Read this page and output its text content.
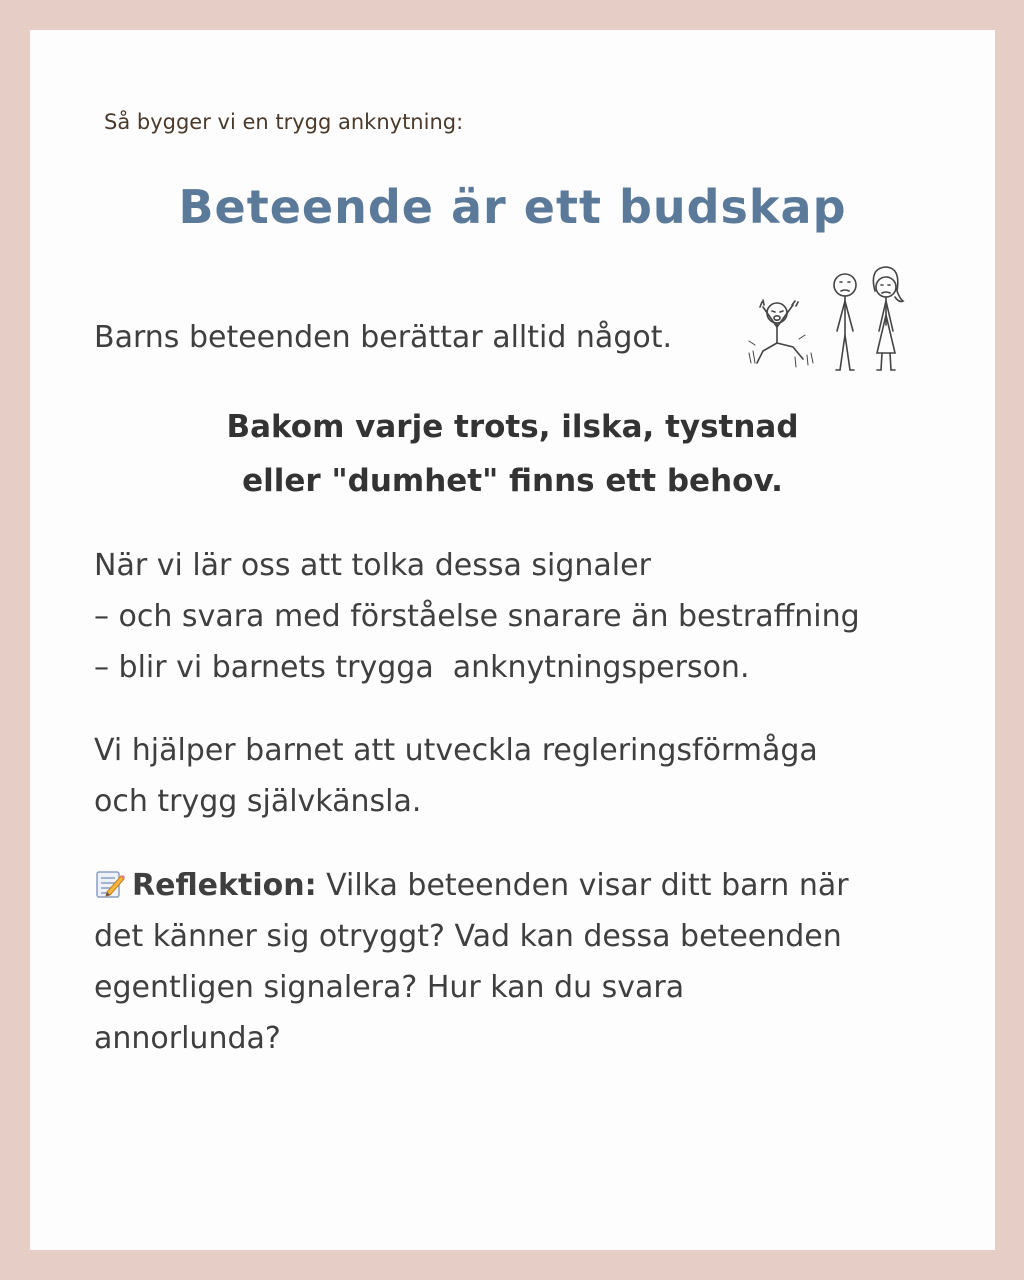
Så bygger vi en trygg anknytning:
Beteende är ett budskap
Barns beteenden berättar alltid något.
Bakom varje trots, ilska, tystnad
eller "dumhet" finns ett behov.
När vi lär oss att tolka dessa signaler
– och svara med förståelse snarare än bestraffning
– blir vi barnets trygga  anknytningsperson.
Vi hjälper barnet att utveckla regleringsförmåga
och trygg självkänsla.
Reflektion: Vilka beteenden visar ditt barn när
det känner sig otryggt? Vad kan dessa beteenden
egentligen signalera? Hur kan du svara
annorlunda?
